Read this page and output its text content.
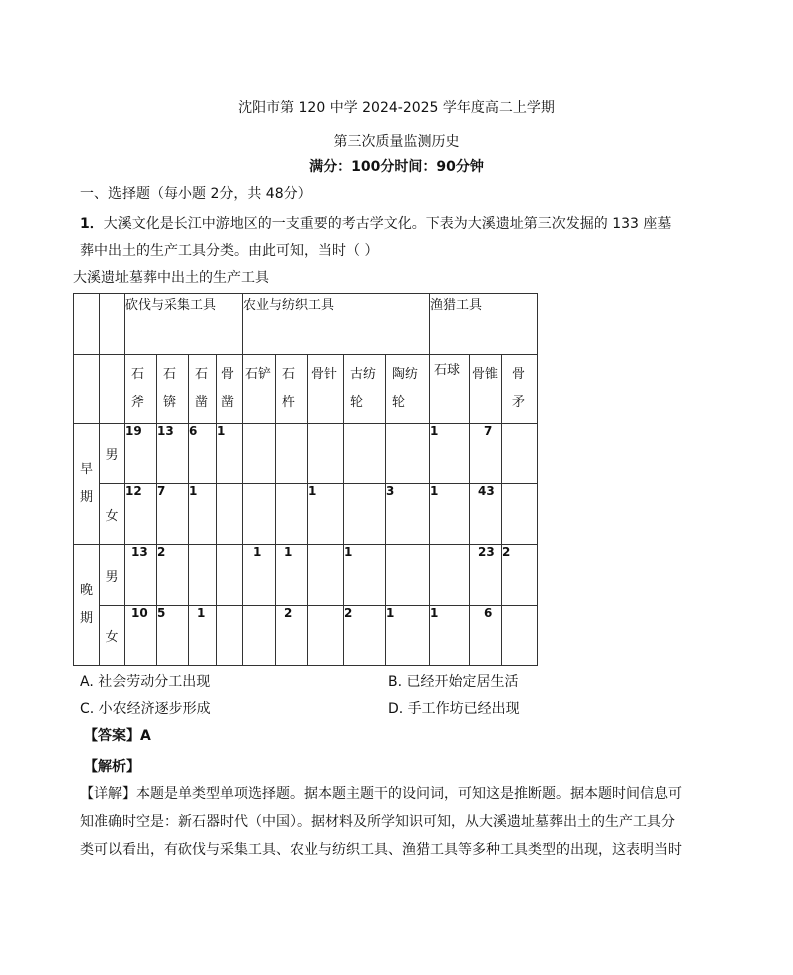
沈阳市第 120 中学 2024-2025 学年度高二上学期
第三次质量监测历史
满分：100分时间：90分钟
一、选择题（每小题 2分，共 48分）
1．大溪文化是长江中游地区的一支重要的考古学文化。下表为大溪遗址第三次发掘的 133 座墓
葬中出土的生产工具分类。由此可知，当时（ ）
大溪遗址墓葬中出土的生产工具
		砍伐与采集工具				农业与纺织工具					渔猎工具		

		石斧	石锛	石凿	骨凿	石铲	石杵	骨针	古纺轮	陶纺轮	石球	骨锥	骨矛

早期	男	19	13	6	1						1	7	
	女	12	7	1				1		3	1	43	

晚期	男	13	2			1	1		1			23	2
	女	10	5	1			2		2	1	1	6	
A. 社会劳动分工出现	B. 已经开始定居生活
C. 小农经济逐步形成	D. 手工作坊已经出现
【答案】A
【解析】
【详解】本题是单类型单项选择题。据本题主题干的设问词，可知这是推断题。据本题时间信息可
知准确时空是：新石器时代（中国）。据材料及所学知识可知，从大溪遗址墓葬出土的生产工具分
类可以看出，有砍伐与采集工具、农业与纺织工具、渔猎工具等多种工具类型的出现，这表明当时
